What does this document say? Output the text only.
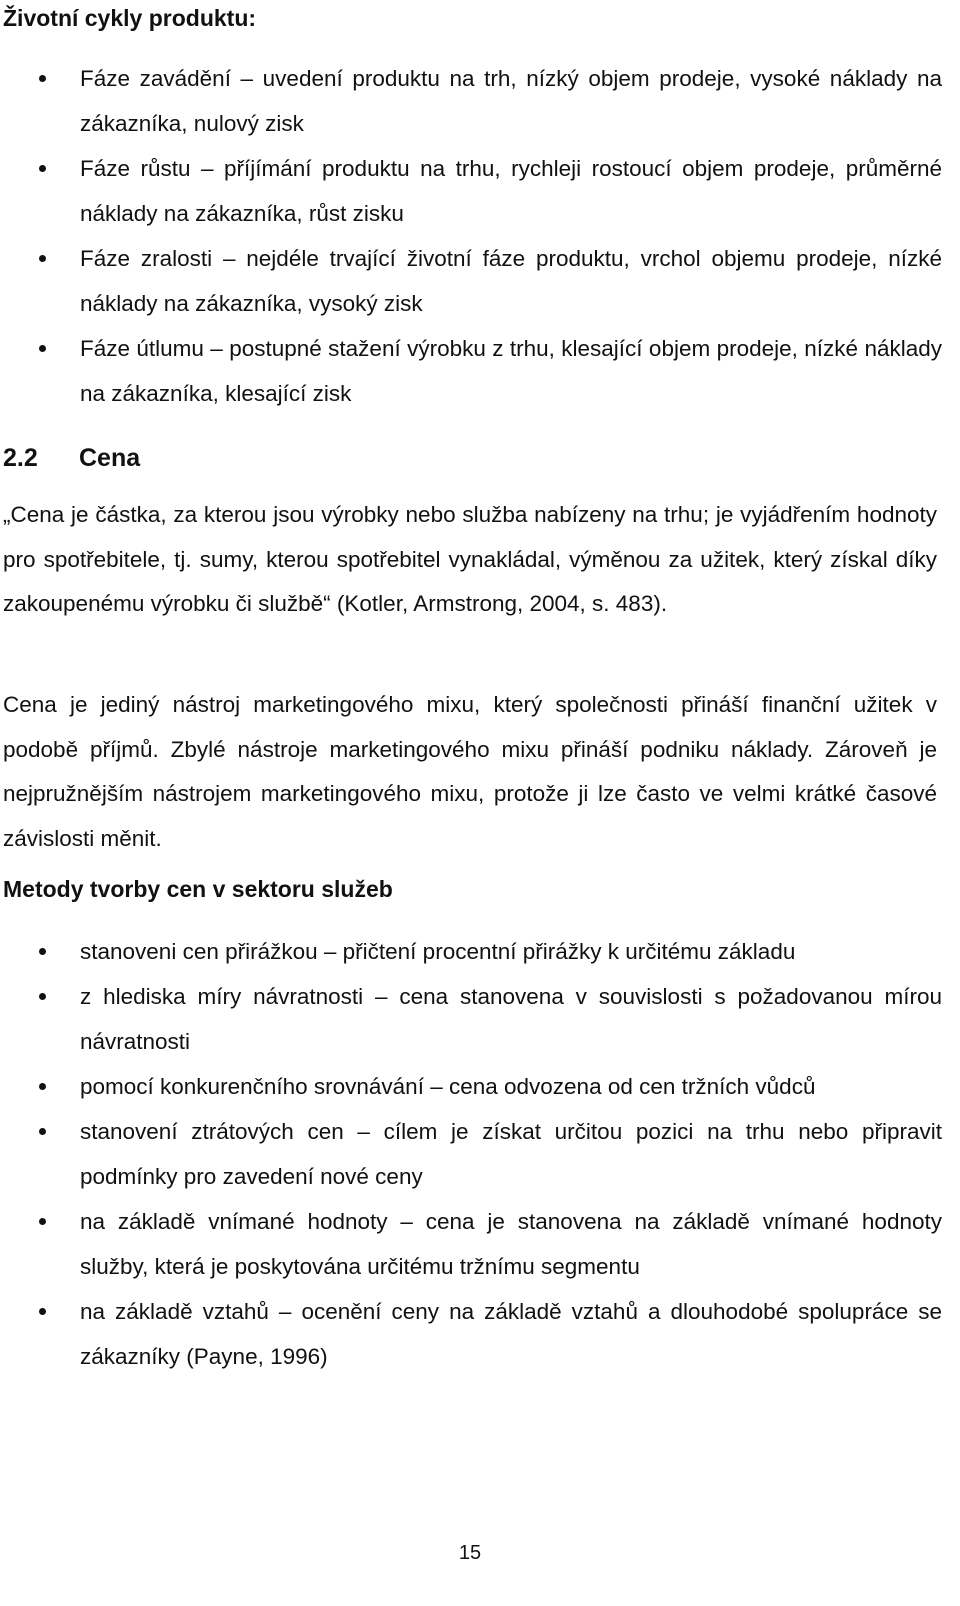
Životní cykly produktu:
Fáze zavádění – uvedení produktu na trh, nízký objem prodeje, vysoké náklady na zákazníka, nulový zisk
Fáze růstu – příjímání produktu na trhu, rychleji rostoucí objem prodeje, průměrné náklady na zákazníka, růst zisku
Fáze zralosti – nejdéle trvající životní fáze produktu, vrchol objemu prodeje, nízké náklady na zákazníka, vysoký zisk
Fáze útlumu – postupné stažení výrobku z trhu, klesající objem prodeje, nízké náklady na zákazníka, klesající zisk
2.2	Cena

„Cena je částka, za kterou jsou výrobky nebo služba nabízeny na trhu; je vyjádřením hodnoty pro spotřebitele, tj. sumy, kterou spotřebitel vynakládal, výměnou za užitek, který získal díky zakoupenému výrobku či službě“ (Kotler, Armstrong, 2004, s. 483).

Cena je jediný nástroj marketingového mixu, který společnosti přináší finanční užitek v podobě příjmů. Zbylé nástroje marketingového mixu přináší podniku náklady. Zároveň je nejpružnějším nástrojem marketingového mixu, protože ji lze často ve velmi krátké časové závislosti měnit.

Metody tvorby cen v sektoru služeb
stanoveni cen přirážkou – přičtení procentní přirážky k určitému základu
z hlediska míry návratnosti – cena stanovena v souvislosti s požadovanou mírou návratnosti
pomocí konkurenčního srovnávání – cena odvozena od cen tržních vůdců
stanovení ztrátových cen – cílem je získat určitou pozici na trhu nebo připravit podmínky pro zavedení nové ceny
na základě vnímané hodnoty – cena je stanovena na základě vnímané hodnoty služby, která je poskytována určitému tržnímu segmentu
na základě vztahů – ocenění ceny na základě vztahů a dlouhodobé spolupráce se zákazníky (Payne, 1996)
15
